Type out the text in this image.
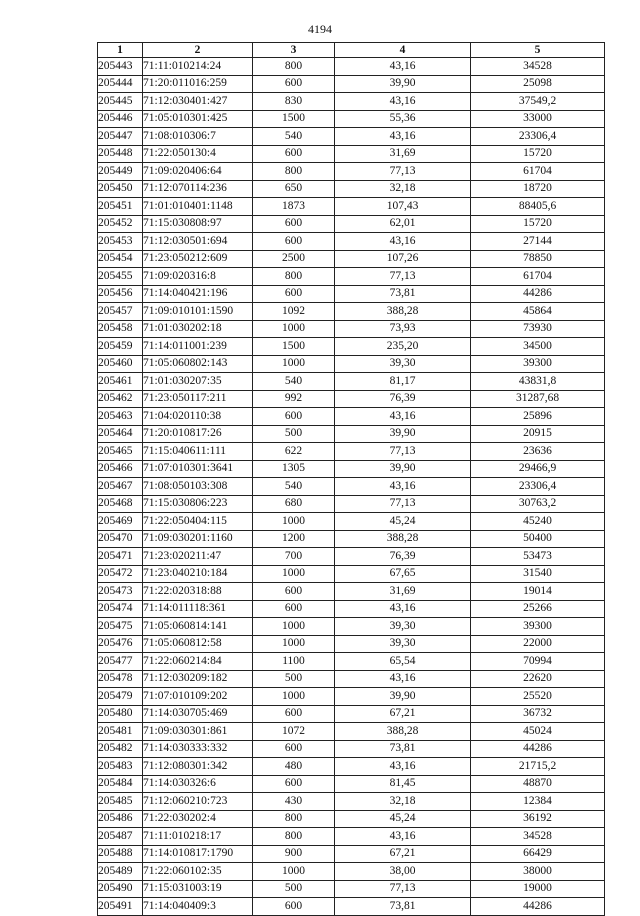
4194
1	2	3	4	5
205443	71:11:010214:24	800	43,16	34528
205444	71:20:011016:259	600	39,90	25098
205445	71:12:030401:427	830	43,16	37549,2
205446	71:05:010301:425	1500	55,36	33000
205447	71:08:010306:7	540	43,16	23306,4
205448	71:22:050130:4	600	31,69	15720
205449	71:09:020406:64	800	77,13	61704
205450	71:12:070114:236	650	32,18	18720
205451	71:01:010401:1148	1873	107,43	88405,6
205452	71:15:030808:97	600	62,01	15720
205453	71:12:030501:694	600	43,16	27144
205454	71:23:050212:609	2500	107,26	78850
205455	71:09:020316:8	800	77,13	61704
205456	71:14:040421:196	600	73,81	44286
205457	71:09:010101:1590	1092	388,28	45864
205458	71:01:030202:18	1000	73,93	73930
205459	71:14:011001:239	1500	235,20	34500
205460	71:05:060802:143	1000	39,30	39300
205461	71:01:030207:35	540	81,17	43831,8
205462	71:23:050117:211	992	76,39	31287,68
205463	71:04:020110:38	600	43,16	25896
205464	71:20:010817:26	500	39,90	20915
205465	71:15:040611:111	622	77,13	23636
205466	71:07:010301:3641	1305	39,90	29466,9
205467	71:08:050103:308	540	43,16	23306,4
205468	71:15:030806:223	680	77,13	30763,2
205469	71:22:050404:115	1000	45,24	45240
205470	71:09:030201:1160	1200	388,28	50400
205471	71:23:020211:47	700	76,39	53473
205472	71:23:040210:184	1000	67,65	31540
205473	71:22:020318:88	600	31,69	19014
205474	71:14:011118:361	600	43,16	25266
205475	71:05:060814:141	1000	39,30	39300
205476	71:05:060812:58	1000	39,30	22000
205477	71:22:060214:84	1100	65,54	70994
205478	71:12:030209:182	500	43,16	22620
205479	71:07:010109:202	1000	39,90	25520
205480	71:14:030705:469	600	67,21	36732
205481	71:09:030301:861	1072	388,28	45024
205482	71:14:030333:332	600	73,81	44286
205483	71:12:080301:342	480	43,16	21715,2
205484	71:14:030326:6	600	81,45	48870
205485	71:12:060210:723	430	32,18	12384
205486	71:22:030202:4	800	45,24	36192
205487	71:11:010218:17	800	43,16	34528
205488	71:14:010817:1790	900	67,21	66429
205489	71:22:060102:35	1000	38,00	38000
205490	71:15:031003:19	500	77,13	19000
205491	71:14:040409:3	600	73,81	44286
